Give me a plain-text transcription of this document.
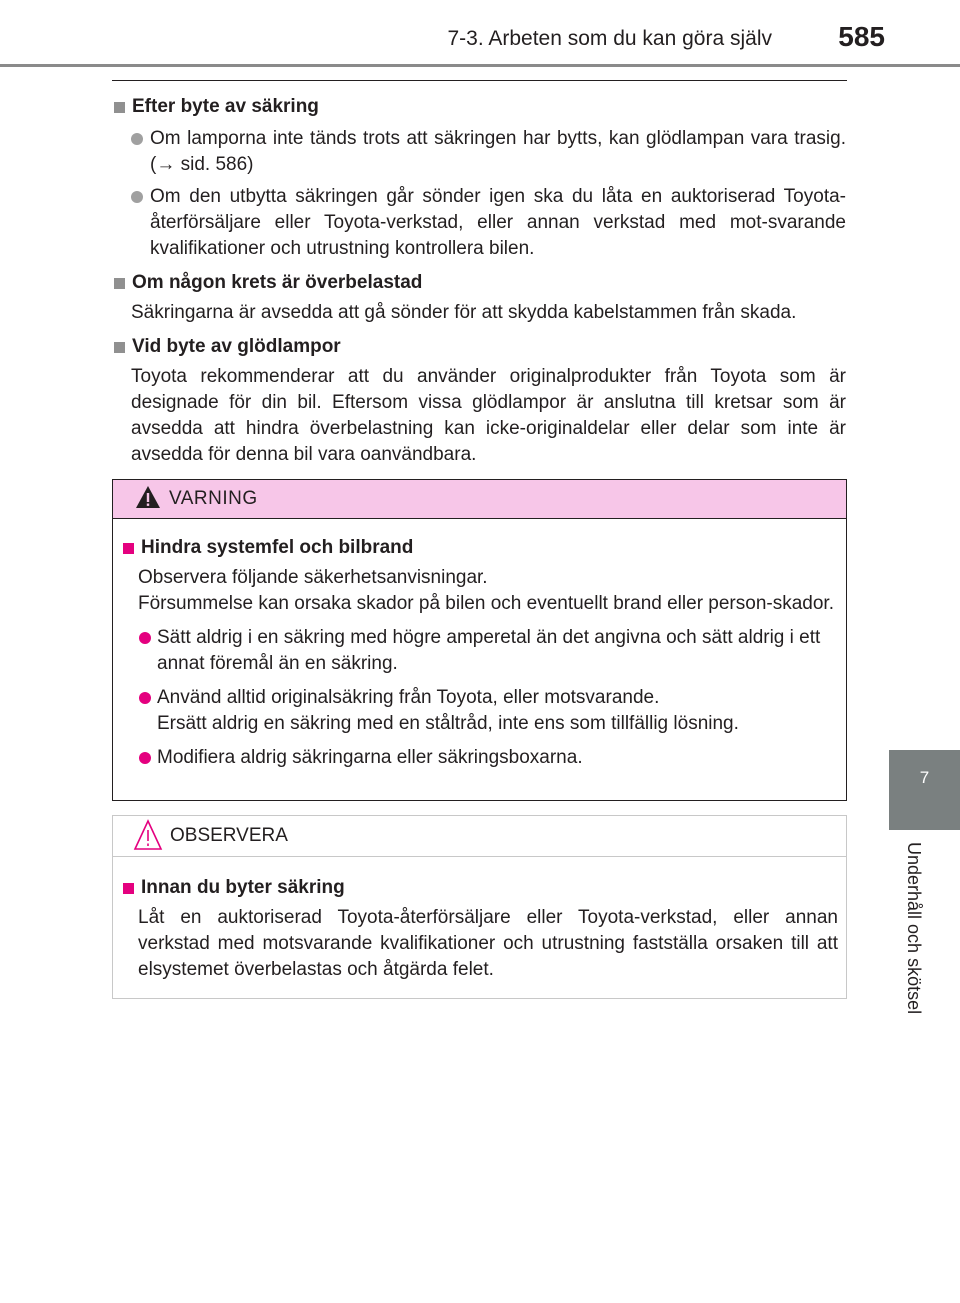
7-3. Arbeten som du kan göra själv 585
7
Underhåll och skötsel
Efter byte av säkring
Om lamporna inte tänds trots att säkringen har bytts, kan glödlampan vara trasig. (→ sid. 586)
Om den utbytta säkringen går sönder igen ska du låta en auktoriserad Toyota-återförsäljare eller Toyota-verkstad, eller annan verkstad med mot-svarande kvalifikationer och utrustning kontrollera bilen.
Om någon krets är överbelastad
Säkringarna är avsedda att gå sönder för att skydda kabelstammen från skada.
Vid byte av glödlampor
Toyota rekommenderar att du använder originalprodukter från Toyota som är designade för din bil. Eftersom vissa glödlampor är anslutna till kretsar som är avsedda att hindra överbelastning kan icke-originaldelar eller delar som inte är avsedda för denna bil vara oanvändbara.
VARNING
Hindra systemfel och bilbrand
Observera följande säkerhetsanvisningar.
Försummelse kan orsaka skador på bilen och eventuellt brand eller person-skador.
Sätt aldrig i en säkring med högre amperetal än det angivna och sätt aldrig i ett annat föremål än en säkring.
Använd alltid originalsäkring från Toyota, eller motsvarande.
Ersätt aldrig en säkring med en ståltråd, inte ens som tillfällig lösning.
Modifiera aldrig säkringarna eller säkringsboxarna.
OBSERVERA
Innan du byter säkring
Låt en auktoriserad Toyota-återförsäljare eller Toyota-verkstad, eller annan verkstad med motsvarande kvalifikationer och utrustning fastställa orsaken till att elsystemet överbelastas och åtgärda felet.
